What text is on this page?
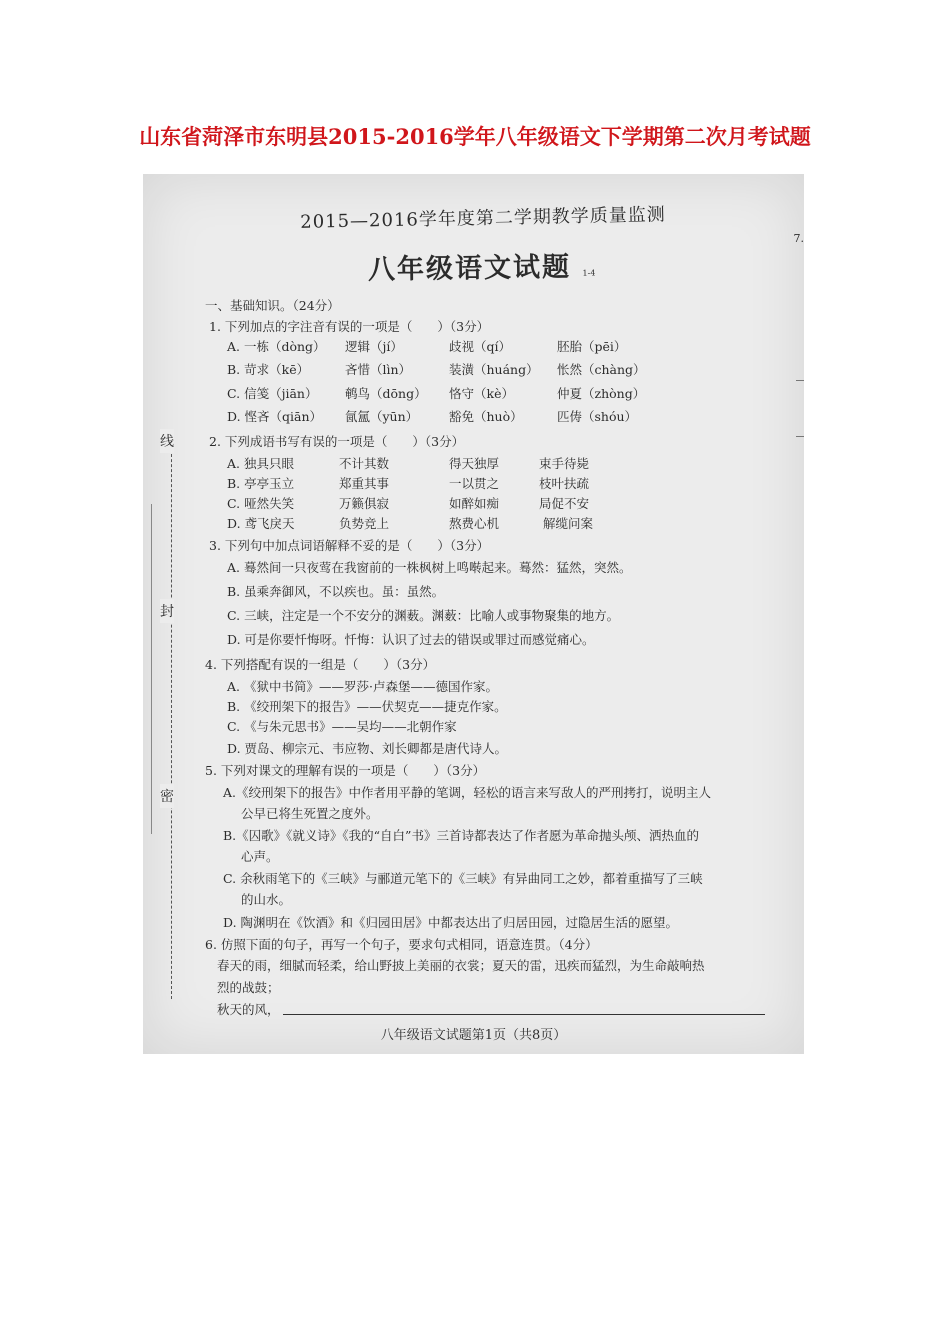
山东省菏泽市东明县2015-2016学年八年级语文下学期第二次月考试题
线
封
密
7.
2015—2016学年度第二学期教学质量监测
八年级语文试题 1-4
一、基础知识。（24分）
1. 下列加点的字注音有误的一项是（　　）（3分）
A. 一栋（dòng） 逻辑（jí）	歧视（qí）	胚胎（pēi）
B. 苛求（kē）	吝惜（lìn）	装潢（huáng） 怅然（chàng）
C. 信笺（jiān） 鹌鸟（dōng） 恪守（kè）	仲夏（zhòng）
D. 悭吝（qiān） 氤氲（yūn） 豁免（huò）	匹俦（shóu）
2. 下列成语书写有误的一项是（　　）（3分）
A. 独具只眼	不计其数	得天独厚	束手待毙
B. 亭亭玉立	郑重其事	一以贯之	枝叶扶疏
C. 哑然失笑	万籁俱寂	如醉如痴	局促不安
D. 鸢飞戾天	负势竞上	熬费心机	解缆问案
3. 下列句中加点词语解释不妥的是（　　）（3分）
A. 蓦然间一只夜莺在我窗前的一株枫树上鸣啭起来。蓦然：猛然，突然。
B. 虽乘奔御风，不以疾也。虽：虽然。
C. 三峡，注定是一个不安分的渊薮。渊薮：比喻人或事物聚集的地方。
D. 可是你要忏悔呀。忏悔：认识了过去的错误或罪过而感觉痛心。
4. 下列搭配有误的一组是（　　）（3分）
A. 《狱中书简》——罗莎·卢森堡——德国作家。
B. 《绞刑架下的报告》——伏契克——捷克作家。
C. 《与朱元思书》——吴均——北朝作家
D. 贾岛、柳宗元、韦应物、刘长卿都是唐代诗人。
5. 下列对课文的理解有误的一项是（　　）（3分）
A.《绞刑架下的报告》中作者用平静的笔调，轻松的语言来写敌人的严刑拷打，说明主人
公早已将生死置之度外。
B.《囚歌》《就义诗》《我的“自白”书》三首诗都表达了作者愿为革命抛头颅、洒热血的
心声。
C. 余秋雨笔下的《三峡》与郦道元笔下的《三峡》有异曲同工之妙，都着重描写了三峡
的山水。
D. 陶渊明在《饮酒》和《归园田居》中都表达出了归居田园，过隐居生活的愿望。
6. 仿照下面的句子，再写一个句子，要求句式相同，语意连贯。（4分）
春天的雨，细腻而轻柔，给山野披上美丽的衣裳；夏天的雷，迅疾而猛烈，为生命敲响热
烈的战鼓；
秋天的风，
八年级语文试题第1页（共8页）
